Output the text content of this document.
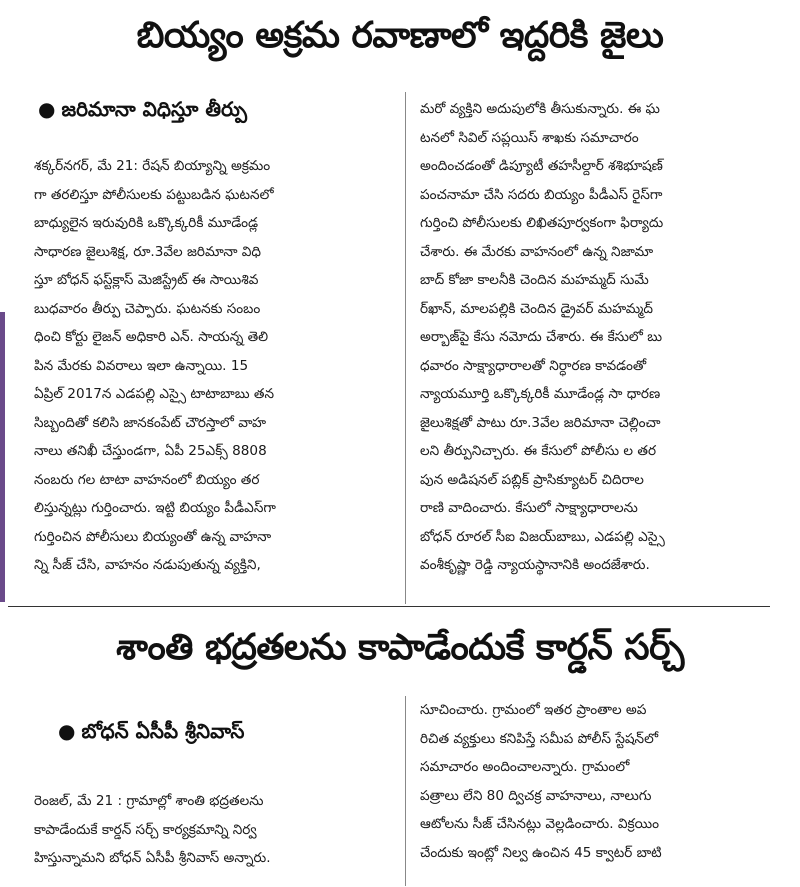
బియ్యం అక్రమ రవాణాలో ఇద్దరికి జైలు
● జరిమానా విధిస్తూ తీర్పు
శక్కర్‌నగర్, మే 21: రేషన్ బియ్యాన్ని అక్రమం
గా తరలిస్తూ పోలీసులకు పట్టుబడిన ఘటనలో
బాధ్యులైన ఇరువురికి ఒక్కొక్కరికీ మూడేండ్ల
సాధారణ జైలుశిక్ష, రూ.3వేల జరిమానా విధి
స్తూ బోధన్ ఫస్ట్‌క్లాస్ మెజిస్ట్రేట్ ఈ సాయిశివ
బుధవారం తీర్పు చెప్పారు. ఘటనకు సంబం
ధించి కోర్టు లైజన్ అధికారి ఎన్. సాయన్న తెలి
పిన మేరకు వివరాలు ఇలా ఉన్నాయి. 15
ఏప్రిల్ 2017న ఎడపల్లి ఎస్సై టాటాబాబు తన
సిబ్బందితో కలిసి జానకంపేట్ చౌరస్తాలో వాహ
నాలు తనిఖీ చేస్తుండగా, ఏపీ 25ఎక్స్ 8808
నంబరు గల టాటా వాహనంలో బియ్యం తర
లిస్తున్నట్లు గుర్తించారు. ఇట్టి బియ్యం పీడీఎస్‌గా
గుర్తించిన పోలీసులు బియ్యంతో ఉన్న వాహనా
న్ని సీజ్ చేసి, వాహనం నడుపుతున్న వ్యక్తిని,
మరో వ్యక్తిని అదుపులోకి తీసుకున్నారు. ఈ ఘ
టనలో సివిల్ సప్లయిస్ శాఖకు సమాచారం
అందించడంతో డిప్యూటీ తహసీల్దార్ శశిభూషణ్
పంచనామా చేసి సదరు బియ్యం పీడీఎస్ రైస్‌గా
గుర్తించి పోలీసులకు లిఖితపూర్వకంగా ఫిర్యాదు
చేశారు. ఈ మేరకు వాహనంలో ఉన్న నిజామా
బాద్ కోజా కాలనీకి చెందిన మహమ్మద్ సుమే
ర్‌ఖాన్, మాలపల్లికి చెందిన డ్రైవర్ మహమ్మద్
అర్బాజ్‌పై కేసు నమోదు చేశారు. ఈ కేసులో బు
ధవారం సాక్ష్యాధారాలతో నిర్ధారణ కావడంతో
న్యాయమూర్తి ఒక్కొక్కరికీ మూడేండ్ల సా ధారణ
జైలుశిక్షతో పాటు రూ.3వేల జరిమానా చెల్లించా
లని తీర్పునిచ్చారు. ఈ కేసులో పోలీసు ల తర
పున అడిషనల్ పబ్లిక్ ప్రాసిక్యూటర్ చిదిరాల
రాణి వాదించారు. కేసులో సాక్ష్యాధారాలను
బోధన్ రూరల్ సీఐ విజయ్‌బాబు, ఎడపల్లి ఎస్సై
వంశీకృష్ణా రెడ్డి న్యాయస్థానానికి అందజేశారు.
శాంతి భద్రతలను కాపాడేందుకే కార్డన్ సర్చ్
● బోధన్ ఏసీపీ శ్రీనివాస్
రెంజల్, మే 21 : గ్రామాల్లో శాంతి భద్రతలను
కాపాడేందుకే కార్డన్ సర్చ్ కార్యక్రమాన్ని నిర్వ
హిస్తున్నామని బోధన్ ఏసీపీ శ్రీనివాస్ అన్నారు.
సూచించారు. గ్రామంలో ఇతర ప్రాంతాల అప
రిచిత వ్యక్తులు కనిపిస్తే సమీప పోలీస్ స్టేషన్‌లో
సమాచారం అందించాలన్నారు. గ్రామంలో
పత్రాలు లేని 80 ద్విచక్ర వాహనాలు, నాలుగు
ఆటోలను సీజ్ చేసినట్లు వెల్లడించారు. విక్రయిం
చేందుకు ఇంట్లో నిల్వ ఉంచిన 45 క్వాటర్ బాటి
